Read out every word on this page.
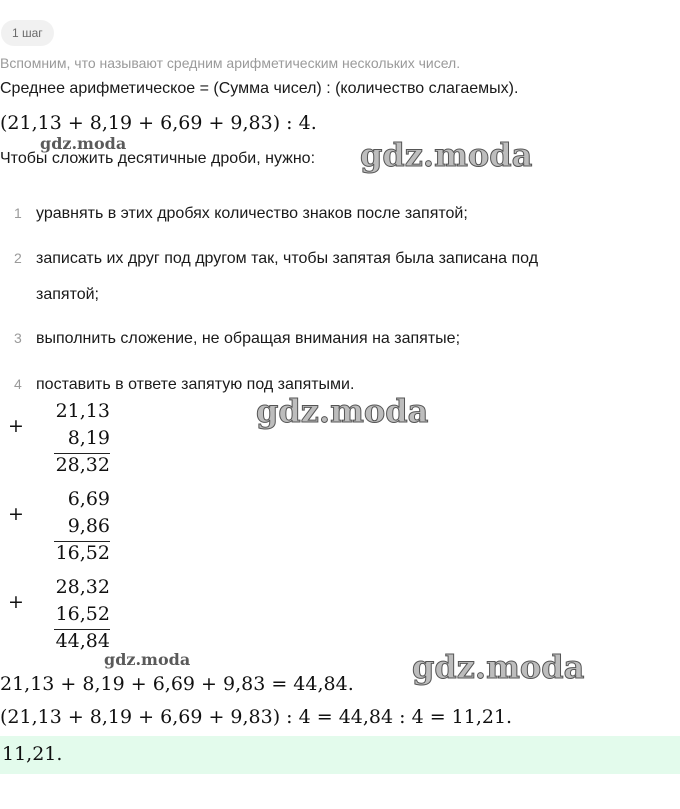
1 шаг
Вспомним, что называют средним арифметическим нескольких чисел.
Среднее арифметическое = (Сумма чисел) : (количество слагаемых).
(21,13 + 8,19 + 6,69 + 9,83) : 4.
gdz.moda
Чтобы сложить десятичные дроби, нужно: gdz.moda
1 уравнять в этих дробях количество знаков после запятой;
2 записать их друг под другом так, чтобы запятая была записана под
запятой;
3 выполнить сложение, не обращая внимания на запятые;
4 поставить в ответе запятую под запятыми.
gdz.moda
+
21,13
8,19
28,32
+
6,69
9,86
16,52
+
28,32
16,52
44,84
gdz.moda	gdz.moda
21,13 + 8,19 + 6,69 + 9,83 = 44,84.
(21,13 + 8,19 + 6,69 + 9,83) : 4 = 44,84 : 4 = 11,21.
11,21.
